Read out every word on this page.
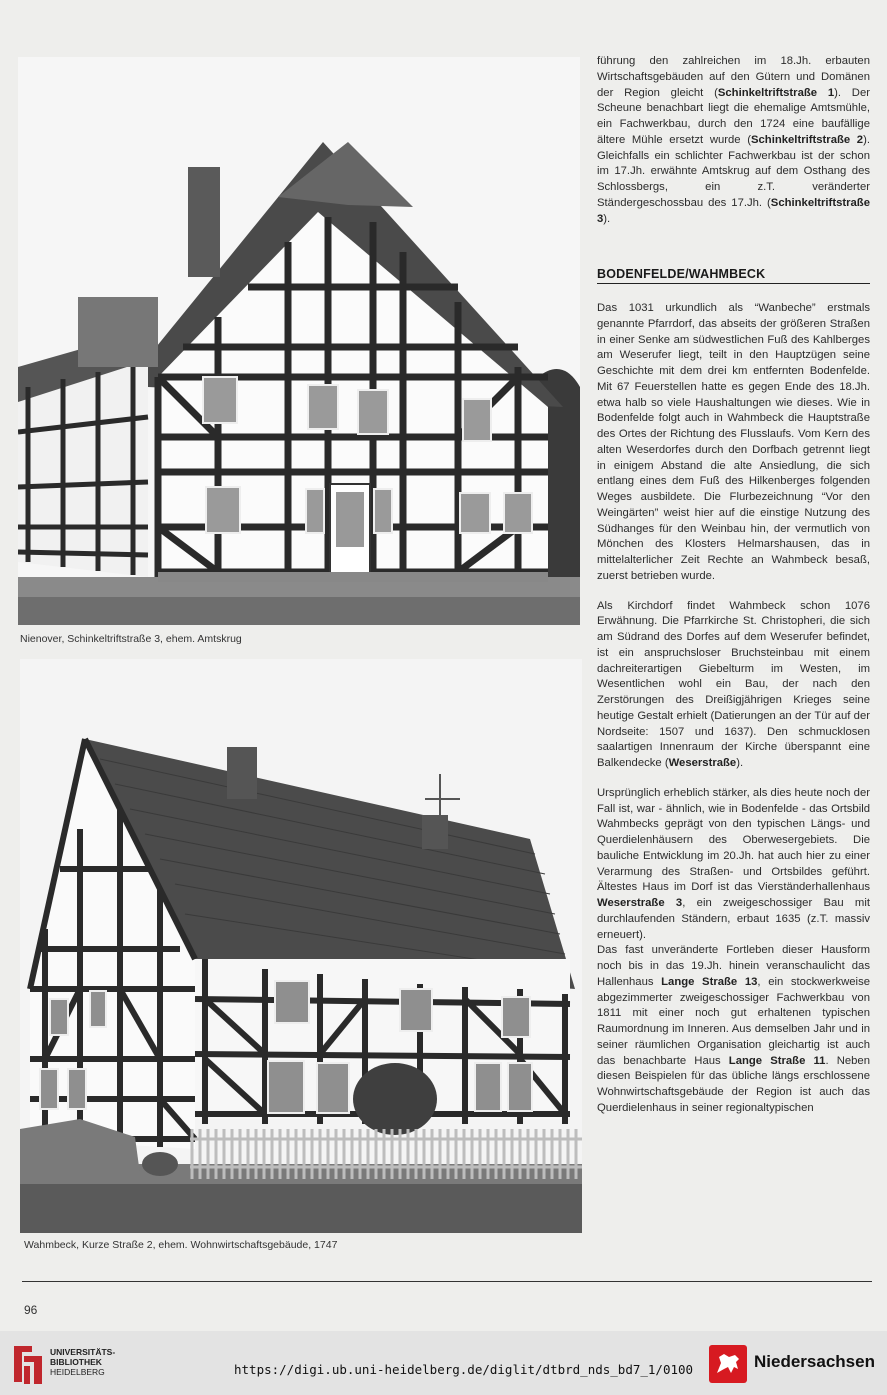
Nienover, Schinkeltriftstraße 3, ehem. Amtskrug
Wahmbeck, Kurze Straße 2, ehem. Wohnwirtschaftsgebäude, 1747

führung den zahlreichen im 18.Jh. erbauten Wirtschaftsgebäuden auf den Gütern und Domänen der Region gleicht (Schinkeltriftstraße 1). Der Scheune benachbart liegt die ehemalige Amtsmühle, ein Fachwerkbau, durch den 1724 eine baufällige ältere Mühle ersetzt wurde (Schinkeltriftstraße 2). Gleichfalls ein schlichter Fachwerkbau ist der schon im 17.Jh. erwähnte Amtskrug auf dem Osthang des Schlossbergs, ein z.T. veränderter Ständergeschossbau des 17.Jh. (Schinkeltriftstraße 3).

BODENFELDE/WAHMBECK

Das 1031 urkundlich als “Wanbeche” erstmals genannte Pfarrdorf, das abseits der größeren Straßen in einer Senke am südwestlichen Fuß des Kahlberges am Weserufer liegt, teilt in den Hauptzügen seine Geschichte mit dem drei km entfernten Bodenfelde. Mit 67 Feuerstellen hatte es gegen Ende des 18.Jh. etwa halb so viele Haushaltungen wie dieses. Wie in Bodenfelde folgt auch in Wahmbeck die Hauptstraße des Ortes der Richtung des Flusslaufs. Vom Kern des alten Weserdorfes durch den Dorfbach getrennt liegt in einigem Abstand die alte Ansiedlung, die sich entlang eines dem Fuß des Hilkenberges folgenden Weges ausbildete. Die Flurbezeichnung “Vor den Weingärten” weist hier auf die einstige Nutzung des Südhanges für den Weinbau hin, der vermutlich von Mönchen des Klosters Helmarshausen, das in mittelalterlicher Zeit Rechte an Wahmbeck besaß, zuerst betrieben wurde.

Als Kirchdorf findet Wahmbeck schon 1076 Erwähnung. Die Pfarrkirche St. Christopheri, die sich am Südrand des Dorfes auf dem Weserufer befindet, ist ein anspruchsloser Bruchsteinbau mit einem dachreiterartigen Giebelturm im Westen, im Wesentlichen wohl ein Bau, der nach den Zerstörungen des Dreißigjährigen Krieges seine heutige Gestalt erhielt (Datierungen an der Tür auf der Nordseite: 1507 und 1637). Den schmucklosen saalartigen Innenraum der Kirche überspannt eine Balkendecke (Weserstraße).

Ursprünglich erheblich stärker, als dies heute noch der Fall ist, war - ähnlich, wie in Bodenfelde - das Ortsbild Wahmbecks geprägt von den typischen Längs- und Querdielenhäusern des Oberwesergebiets. Die bauliche Entwicklung im 20.Jh. hat auch hier zu einer Verarmung des Straßen- und Ortsbildes geführt. Ältestes Haus im Dorf ist das Vierständerhallenhaus Weserstraße 3, ein zweigeschossiger Bau mit durchlaufenden Ständern, erbaut 1635 (z.T. massiv erneuert).

Das fast unveränderte Fortleben dieser Hausform noch bis in das 19.Jh. hinein veranschaulicht das Hallenhaus Lange Straße 13, ein stockwerkweise abgezimmerter zweigeschossiger Fachwerkbau von 1811 mit einer noch gut erhaltenen typischen Raumordnung im Inneren. Aus demselben Jahr und in seiner räumlichen Organisation gleichartig ist auch das benachbarte Haus Lange Straße 11. Neben diesen Beispielen für das übliche längs erschlossene Wohnwirtschaftsgebäude der Region ist auch das Querdielenhaus in seiner regionaltypischen

96
UNIVERSITÄTS-
BIBLIOTHEK
HEIDELBERG	https://digi.ub.uni-heidelberg.de/diglit/dtbrd_nds_bd7_1/0100	Niedersachsen
